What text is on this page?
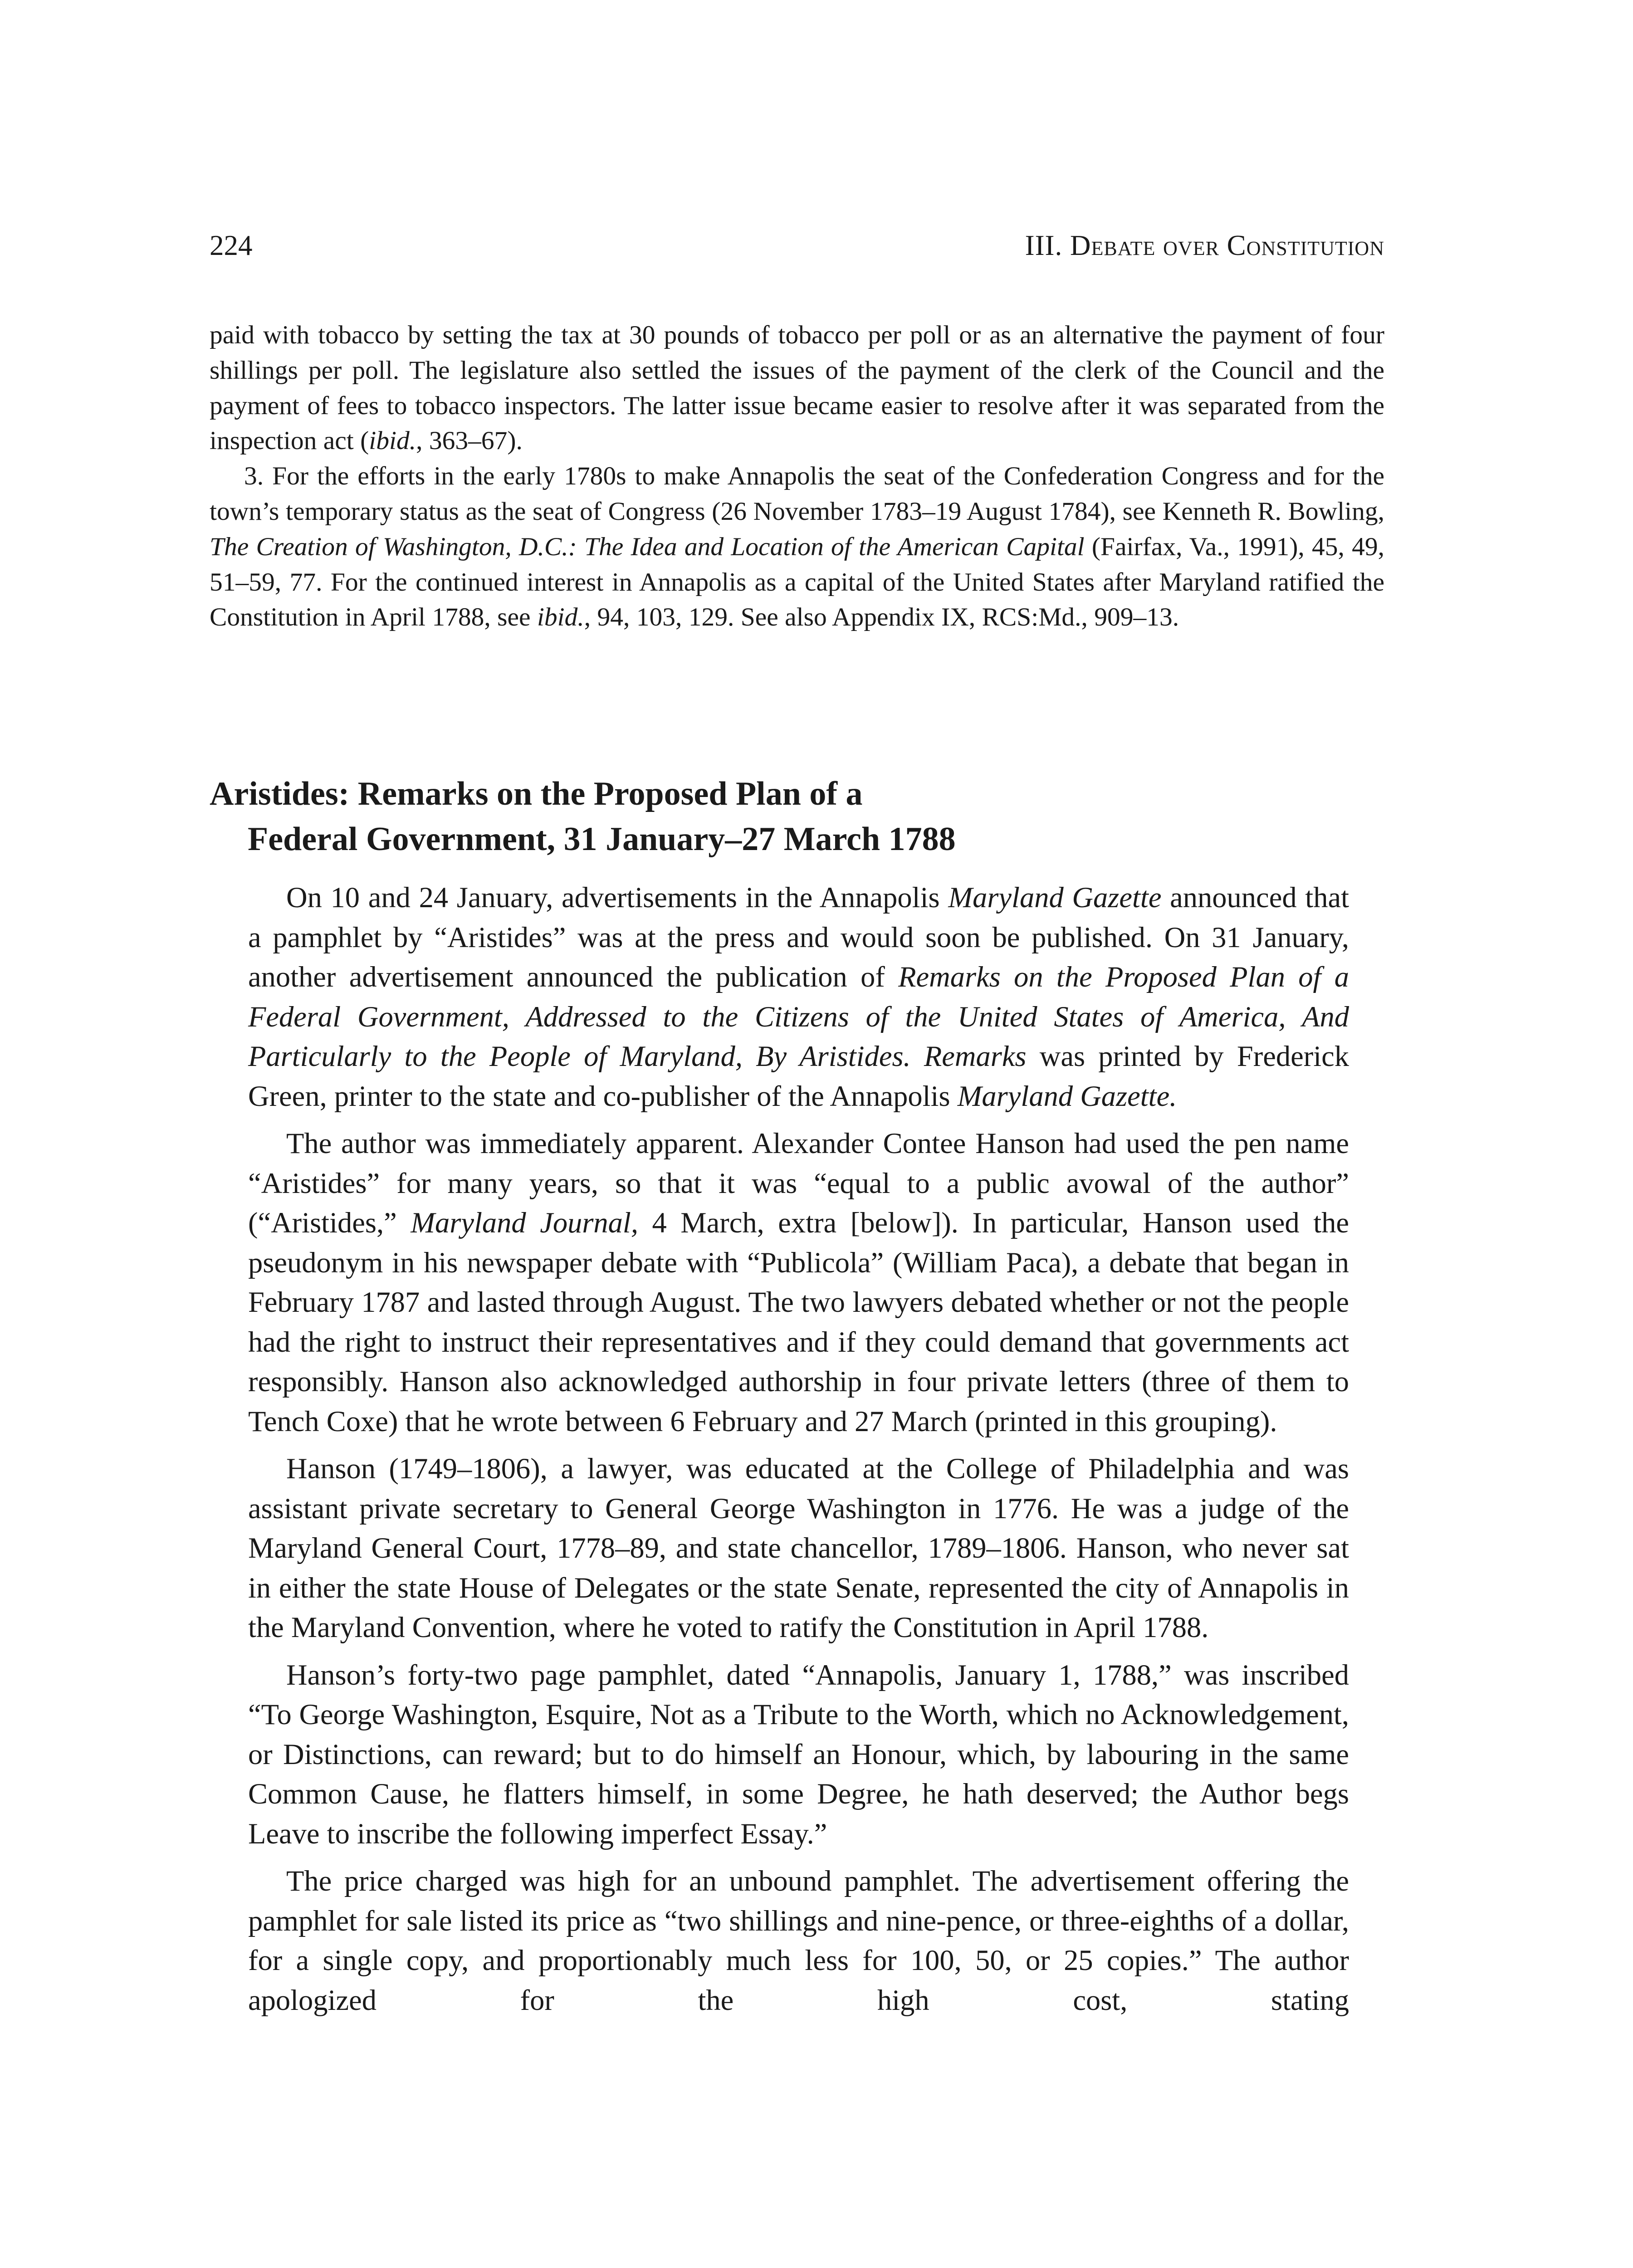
224	III. Debate over Constitution

paid with tobacco by setting the tax at 30 pounds of tobacco per poll or as an alternative the payment of four shillings per poll. The legislature also settled the issues of the payment of the clerk of the Council and the payment of fees to tobacco inspectors. The latter issue became easier to resolve after it was separated from the inspection act (ibid., 363–67).

3. For the efforts in the early 1780s to make Annapolis the seat of the Confederation Congress and for the town’s temporary status as the seat of Congress (26 November 1783–19 August 1784), see Kenneth R. Bowling, The Creation of Washington, D.C.: The Idea and Location of the American Capital (Fairfax, Va., 1991), 45, 49, 51–59, 77. For the continued interest in Annapolis as a capital of the United States after Maryland ratified the Constitution in April 1788, see ibid., 94, 103, 129. See also Appendix IX, RCS:Md., 909–13.

Aristides: Remarks on the Proposed Plan of a
Federal Government, 31 January–27 March 1788

On 10 and 24 January, advertisements in the Annapolis Maryland Gazette announced that a pamphlet by “Aristides” was at the press and would soon be published. On 31 January, another advertisement announced the publication of Remarks on the Proposed Plan of a Federal Government, Addressed to the Citizens of the United States of America, And Particularly to the People of Maryland, By Aristides. Remarks was printed by Frederick Green, printer to the state and co-publisher of the Annapolis Maryland Gazette.

The author was immediately apparent. Alexander Contee Hanson had used the pen name “Aristides” for many years, so that it was “equal to a public avowal of the author” (“Aristides,” Maryland Journal, 4 March, extra [below]). In particular, Hanson used the pseudonym in his newspaper debate with “Publicola” (William Paca), a debate that began in February 1787 and lasted through August. The two lawyers debated whether or not the people had the right to instruct their representatives and if they could demand that governments act responsibly. Hanson also acknowledged authorship in four private letters (three of them to Tench Coxe) that he wrote between 6 February and 27 March (printed in this grouping).

Hanson (1749–1806), a lawyer, was educated at the College of Philadelphia and was assistant private secretary to General George Washington in 1776. He was a judge of the Maryland General Court, 1778–89, and state chancellor, 1789–1806. Hanson, who never sat in either the state House of Delegates or the state Senate, represented the city of Annapolis in the Maryland Convention, where he voted to ratify the Constitution in April 1788.

Hanson’s forty-two page pamphlet, dated “Annapolis, January 1, 1788,” was inscribed “To George Washington, Esquire, Not as a Tribute to the Worth, which no Acknowledgement, or Distinctions, can reward; but to do himself an Honour, which, by labouring in the same Common Cause, he flatters himself, in some Degree, he hath deserved; the Author begs Leave to inscribe the following imperfect Essay.”

The price charged was high for an unbound pamphlet. The advertisement offering the pamphlet for sale listed its price as “two shillings and nine-pence, or three-eighths of a dollar, for a single copy, and proportionably much less for 100, 50, or 25 copies.” The author apologized for the high cost, stating
